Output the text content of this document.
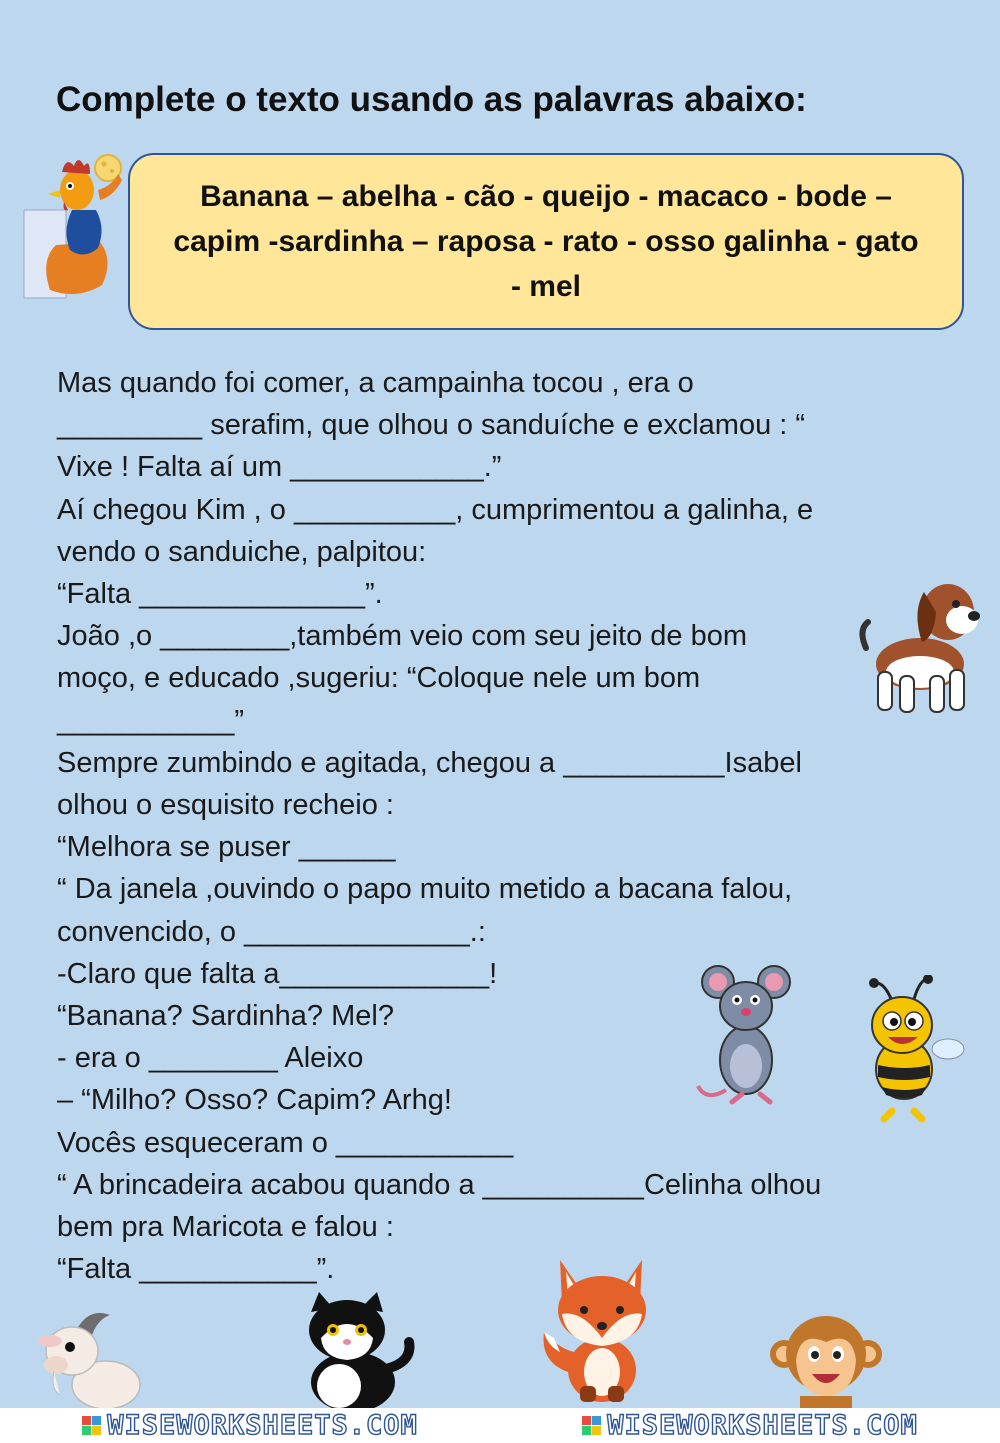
Complete o texto usando as palavras abaixo:

Banana – abelha - cão - queijo - macaco - bode –
capim -sardinha – raposa - rato - osso galinha - gato
- mel

Mas quando foi comer, a campainha tocou , era o
_________ serafim, que olhou o sanduíche e exclamou : “
Vixe ! Falta aí um ____________.”
Aí chegou Kim , o __________, cumprimentou a galinha, e
vendo o sanduiche, palpitou:
“Falta ______________”.
João ,o ________,também veio com seu jeito de bom
moço, e educado ,sugeriu: “Coloque nele um bom
___________”
Sempre zumbindo e agitada, chegou a __________Isabel
olhou o esquisito recheio :
“Melhora se puser ______
“ Da janela ,ouvindo o papo muito metido a bacana falou,
convencido, o ______________.:
-Claro que falta a_____________!
“Banana? Sardinha? Mel?
- era o ________ Aleixo
– “Milho? Osso? Capim? Arhg!
Vocês esqueceram o ___________
“ A brincadeira acabou quando a __________Celinha olhou
bem pra Maricota e falou :
“Falta ___________”.
WISEWORKSHEETS.COM	WISEWORKSHEETS.COM
